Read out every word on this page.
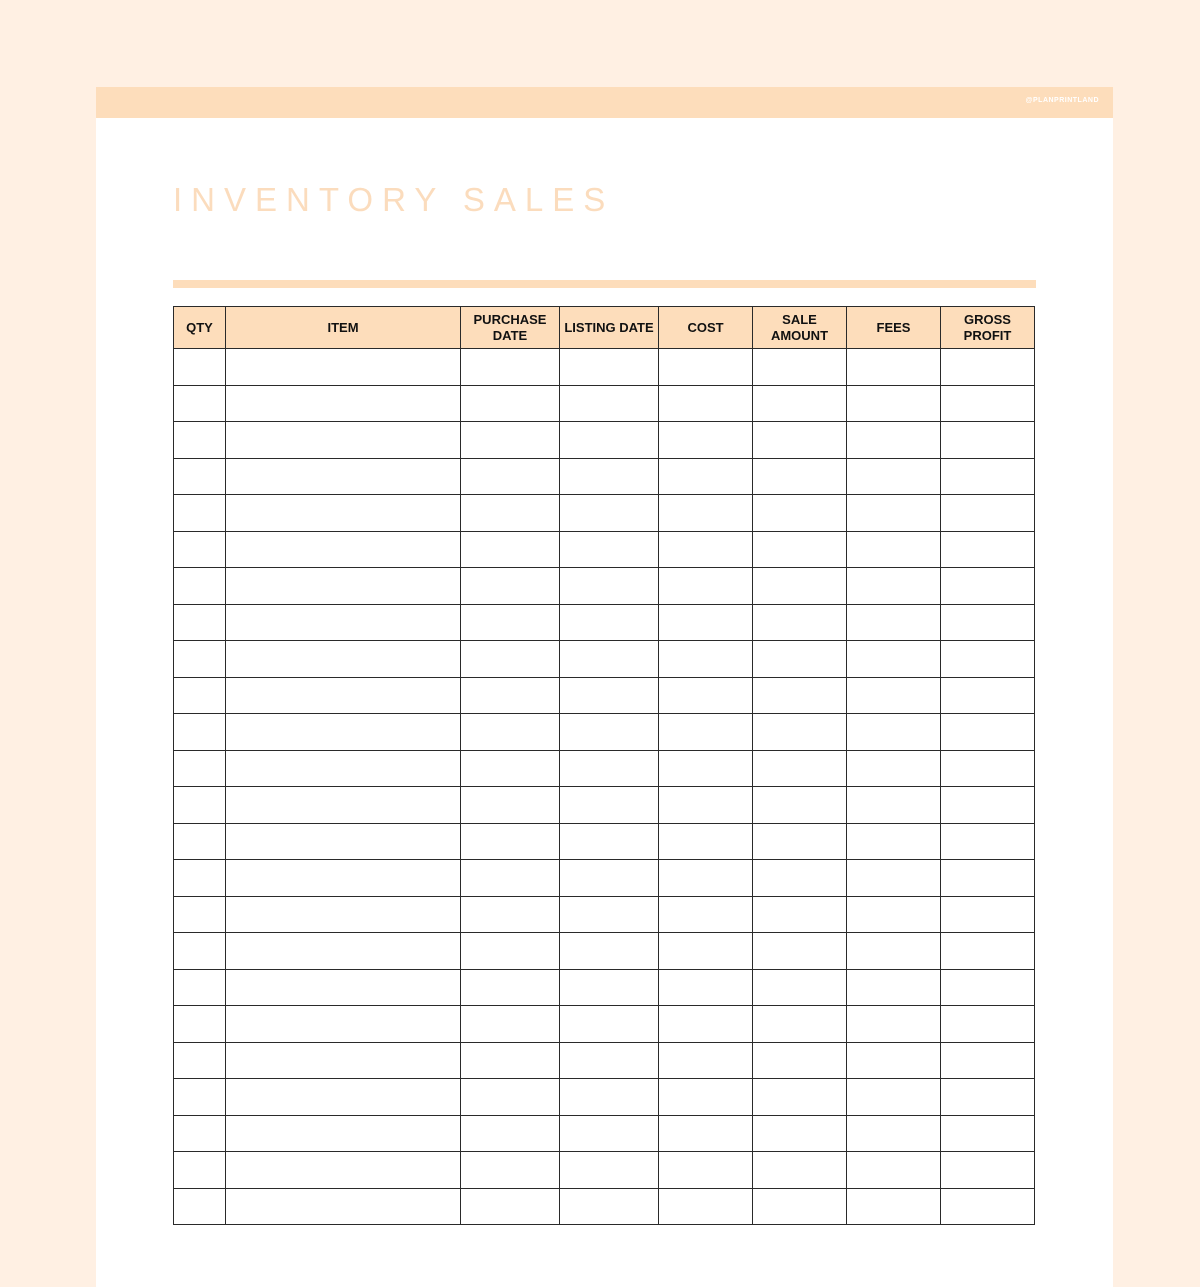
@PLANPRINTLAND
INVENTORY SALES
QTY	ITEM	PURCHASE DATE	LISTING DATE	COST	SALE AMOUNT	FEES	GROSS PROFIT
